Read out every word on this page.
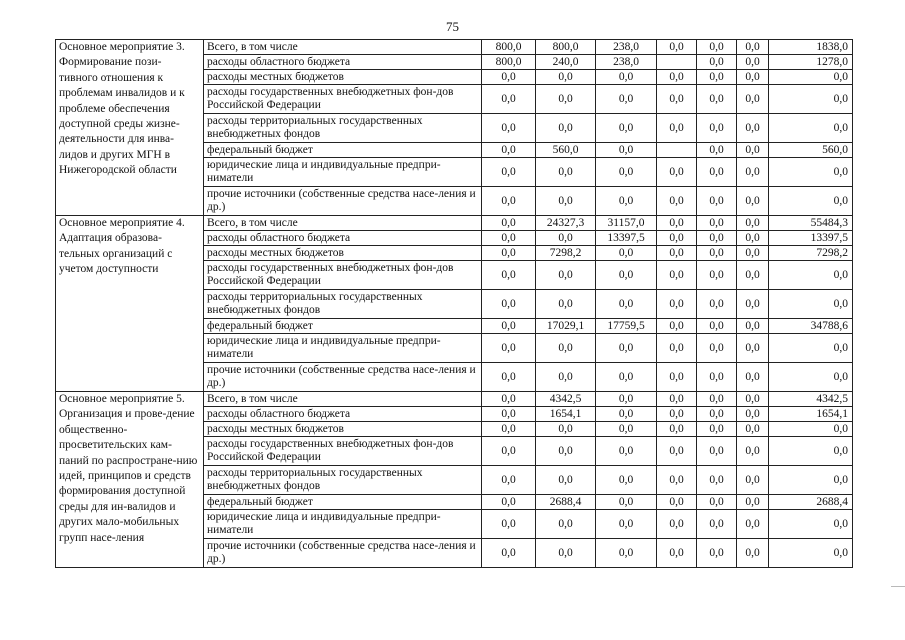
75
Основное мероприятие 3. Формирование пози-тивного отношения к проблемам инвалидов и к проблеме обеспечения доступной среды жизне-деятельности для инва-лидов и других МГН в Нижегородской области	Всего, в том числе	800,0	800,0	238,0	0,0	0,0	0,0	1838,0
	расходы областного бюджета	800,0	240,0	238,0		0,0	0,0	1278,0
	расходы местных бюджетов	0,0	0,0	0,0	0,0	0,0	0,0	0,0
	расходы государственных внебюджетных фон-дов Российской Федерации	0,0	0,0	0,0	0,0	0,0	0,0	0,0
	расходы территориальных государственных внебюджетных фондов	0,0	0,0	0,0	0,0	0,0	0,0	0,0
	федеральный бюджет	0,0	560,0	0,0		0,0	0,0	560,0
	юридические лица и индивидуальные предпри-ниматели	0,0	0,0	0,0	0,0	0,0	0,0	0,0
	прочие источники (собственные средства насе-ления и др.)	0,0	0,0	0,0	0,0	0,0	0,0	0,0
Основное мероприятие 4. Адаптация образова-тельных организаций с учетом доступности	Всего, в том числе	0,0	24327,3	31157,0	0,0	0,0	0,0	55484,3
	расходы областного бюджета	0,0	0,0	13397,5	0,0	0,0	0,0	13397,5
	расходы местных бюджетов	0,0	7298,2	0,0	0,0	0,0	0,0	7298,2
	расходы государственных внебюджетных фон-дов Российской Федерации	0,0	0,0	0,0	0,0	0,0	0,0	0,0
	расходы территориальных государственных внебюджетных фондов	0,0	0,0	0,0	0,0	0,0	0,0	0,0
	федеральный бюджет	0,0	17029,1	17759,5	0,0	0,0	0,0	34788,6
	юридические лица и индивидуальные предпри-ниматели	0,0	0,0	0,0	0,0	0,0	0,0	0,0
	прочие источники (собственные средства насе-ления и др.)	0,0	0,0	0,0	0,0	0,0	0,0	0,0
Основное мероприятие 5. Организация и прове-дение общественно-просветительских кам-паний по распростране-нию идей, принципов и средств формирования доступной среды для ин-валидов и других мало-мобильных групп насе-ления	Всего, в том числе	0,0	4342,5	0,0	0,0	0,0	0,0	4342,5
	расходы областного бюджета	0,0	1654,1	0,0	0,0	0,0	0,0	1654,1
	расходы местных бюджетов	0,0	0,0	0,0	0,0	0,0	0,0	0,0
	расходы государственных внебюджетных фон-дов Российской Федерации	0,0	0,0	0,0	0,0	0,0	0,0	0,0
	расходы территориальных государственных внебюджетных фондов	0,0	0,0	0,0	0,0	0,0	0,0	0,0
	федеральный бюджет	0,0	2688,4	0,0	0,0	0,0	0,0	2688,4
	юридические лица и индивидуальные предпри-ниматели	0,0	0,0	0,0	0,0	0,0	0,0	0,0
	прочие источники (собственные средства насе-ления и др.)	0,0	0,0	0,0	0,0	0,0	0,0	0,0
